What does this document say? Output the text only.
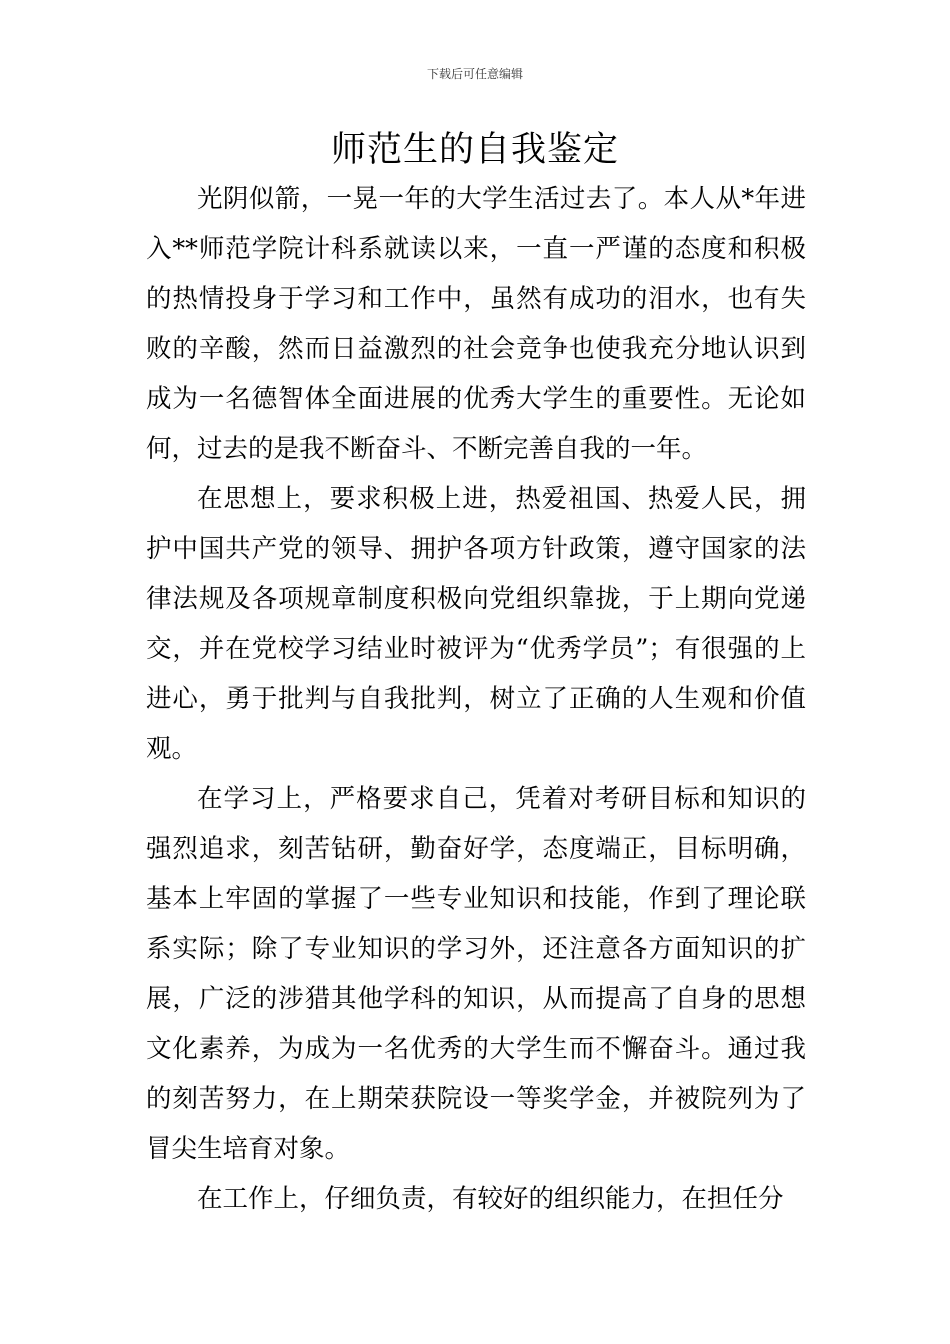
下载后可任意编辑
师范生的自我鉴定

光阴似箭，一晃一年的大学生活过去了。本人从*年进入**师范学院计科系就读以来，一直一严谨的态度和积极的热情投身于学习和工作中，虽然有成功的泪水，也有失败的辛酸，然而日益激烈的社会竞争也使我充分地认识到成为一名德智体全面进展的优秀大学生的重要性。无论如何，过去的是我不断奋斗、不断完善自我的一年。

在思想上，要求积极上进，热爱祖国、热爱人民，拥护中国共产党的领导、拥护各项方针政策，遵守国家的法律法规及各项规章制度积极向党组织靠拢，于上期向党递交，并在党校学习结业时被评为“优秀学员”；有很强的上进心，勇于批判与自我批判，树立了正确的人生观和价值观。

在学习上，严格要求自己，凭着对考研目标和知识的强烈追求，刻苦钻研，勤奋好学，态度端正，目标明确，基本上牢固的掌握了一些专业知识和技能，作到了理论联系实际；除了专业知识的学习外，还注意各方面知识的扩展，广泛的涉猎其他学科的知识，从而提高了自身的思想文化素养，为成为一名优秀的大学生而不懈奋斗。通过我的刻苦努力，在上期荣获院设一等奖学金，并被院列为了冒尖生培育对象。

在工作上，仔细负责，有较好的组织能力，在担任分
